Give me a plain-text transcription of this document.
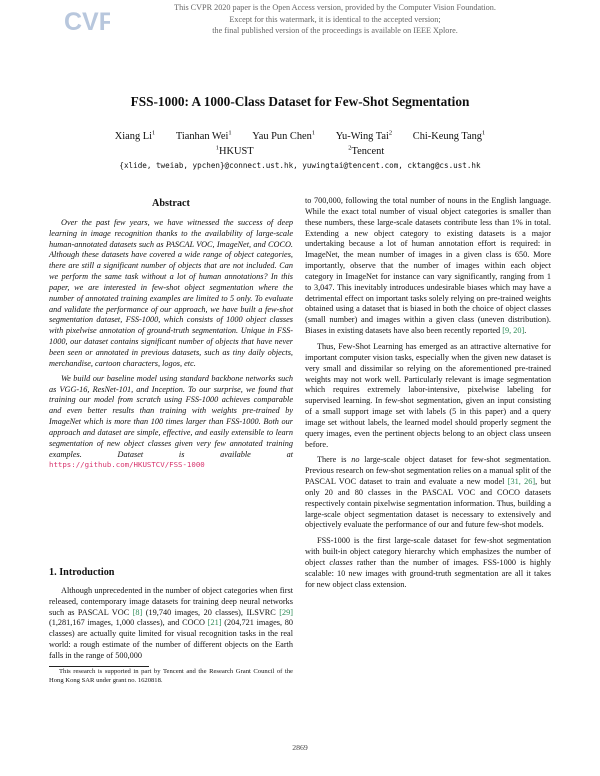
CVF
This CVPR 2020 paper is the Open Access version, provided by the Computer Vision Foundation.
Except for this watermark, it is identical to the accepted version;
the final published version of the proceedings is available on IEEE Xplore.
FSS-1000: A 1000-Class Dataset for Few-Shot Segmentation
Xiang Li$^1$ Tianhan Wei$^1$ Yau Pun Chen$^1$ Yu-Wing Tai$^2$ Chi-Keung Tang$^1$
$^1$HKUST	$^2$Tencent
{xlide, tweiab, ypchen}@connect.ust.hk, yuwingtai@tencent.com, cktang@cs.ust.hk
Abstract

Over the past few years, we have witnessed the success of deep learning in image recognition thanks to the availability of large-scale human-annotated datasets such as PASCAL VOC, ImageNet, and COCO. Although these datasets have covered a wide range of object categories, there are still a significant number of objects that are not included. Can we perform the same task without a lot of human annotations? In this paper, we are interested in few-shot object segmentation where the number of annotated training examples are limited to 5 only. To evaluate and validate the performance of our approach, we have built a few-shot segmentation dataset, FSS-1000, which consists of 1000 object classes with pixelwise annotation of ground-truth segmentation. Unique in FSS-1000, our dataset contains significant number of objects that have never been seen or annotated in previous datasets, such as tiny daily objects, merchandise, cartoon characters, logos, etc.

We build our baseline model using standard backbone networks such as VGG-16, ResNet-101, and Inception. To our surprise, we found that training our model from scratch using FSS-1000 achieves comparable and even better results than training with weights pre-trained by ImageNet which is more than 100 times larger than FSS-1000. Both our approach and dataset are simple, effective, and easily extensible to learn segmentation of new object classes given very few annotated training examples. Dataset is available at https://github.com/HKUSTCV/FSS-1000

1. Introduction

Although unprecedented in the number of object categories when first released, contemporary image datasets for training deep neural networks such as PASCAL VOC [8] (19,740 images, 20 classes), ILSVRC [29] (1,281,167 images, 1,000 classes), and COCO [21] (204,721 images, 80 classes) are actually quite limited for visual recognition tasks in the real world: a rough estimate of the number of different objects on the Earth falls in the range of 500,000

This research is supported in part by Tencent and the Research Grant Council of the Hong Kong SAR under grant no. 1620818.

to 700,000, following the total number of nouns in the English language. While the exact total number of visual object categories is smaller than these numbers, these large-scale datasets contribute less than 1% in total. Extending a new object category to existing datasets is a major undertaking because a lot of human annotation effort is required: in ImageNet, the mean number of images in a given class is 650. More importantly, observe that the number of images within each object category in ImageNet for instance can vary significantly, ranging from 1 to 3,047. This inevitably introduces undesirable biases which may have a detrimental effect on important tasks solely relying on pre-trained weights obtained using a dataset that is biased in both the choice of object classes (small number) and images within a given class (uneven distribution). Biases in existing datasets have also been recently reported [9, 20].

Thus, Few-Shot Learning has emerged as an attractive alternative for important computer vision tasks, especially when the given new dataset is very small and dissimilar so relying on the aforementioned pre-trained weights may not work well. Particularly relevant is image segmentation which requires extremely labor-intensive, pixelwise labeling for supervised learning. In few-shot segmentation, given an input consisting of a small support image set with labels (5 in this paper) and a query image set without labels, the learned model should properly segment the query images, even the pertinent objects belong to an object class unseen before.

There is no large-scale object dataset for few-shot segmentation. Previous research on few-shot segmentation relies on a manual split of the PASCAL VOC dataset to train and evaluate a new model [31, 26], but only 20 and 80 classes in the PASCAL VOC and COCO datasets respectively contain pixelwise segmentation information. Thus, building a large-scale object segmentation dataset is necessary to extensively and objectively evaluate the performance of our and future few-shot models.

FSS-1000 is the first large-scale dataset for few-shot segmentation with built-in object category hierarchy which emphasizes the number of object classes rather than the number of images. FSS-1000 is highly scalable: 10 new images with ground-truth segmentation are all it takes for new object class extension.

2869
